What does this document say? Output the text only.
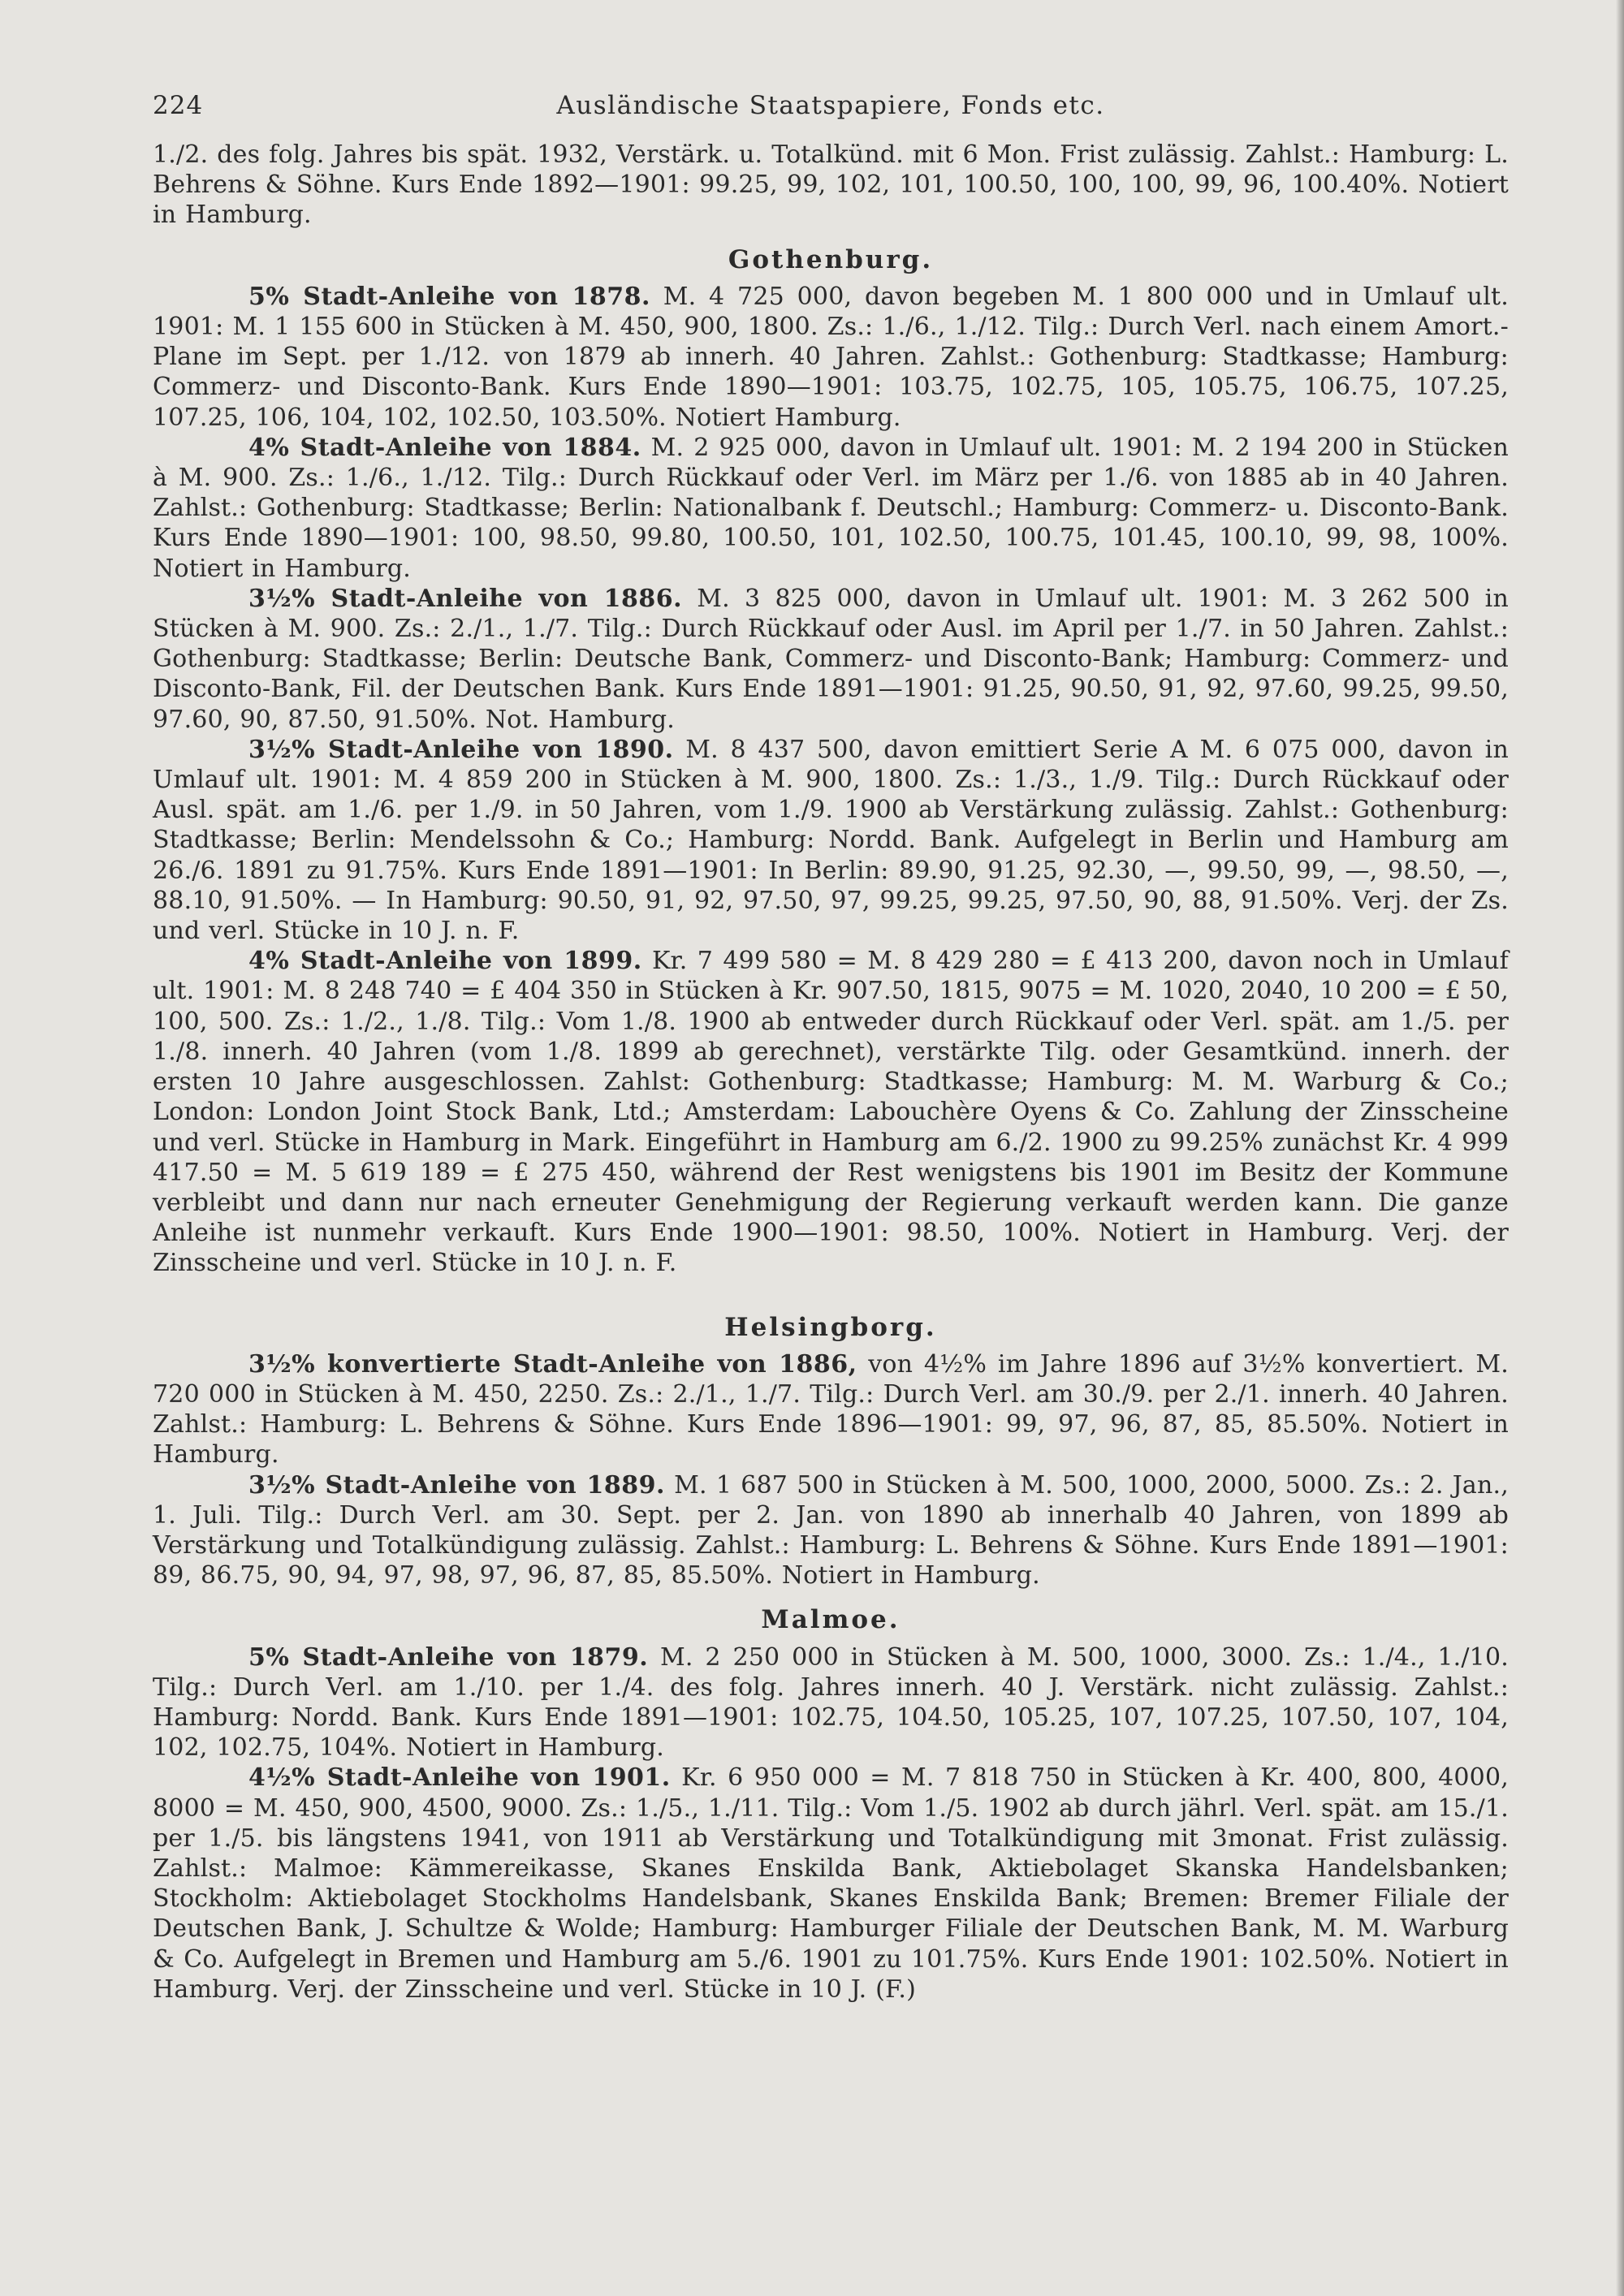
224	Ausländische Staatspapiere, Fonds etc.

1./2. des folg. Jahres bis spät. 1932, Verstärk. u. Totalkünd. mit 6 Mon. Frist zulässig. Zahlst.: Hamburg: L. Behrens & Söhne. Kurs Ende 1892—1901: 99.25, 99, 102, 101, 100.50, 100, 100, 99, 96, 100.40%. Notiert in Hamburg.

Gothenburg.

5% Stadt-Anleihe von 1878. M. 4 725 000, davon begeben M. 1 800 000 und in Umlauf ult. 1901: M. 1 155 600 in Stücken à M. 450, 900, 1800. Zs.: 1./6., 1./12. Tilg.: Durch Verl. nach einem Amort.-Plane im Sept. per 1./12. von 1879 ab innerh. 40 Jahren. Zahlst.: Gothenburg: Stadtkasse; Hamburg: Commerz- und Disconto-Bank. Kurs Ende 1890—1901: 103.75, 102.75, 105, 105.75, 106.75, 107.25, 107.25, 106, 104, 102, 102.50, 103.50%. Notiert Hamburg.

4% Stadt-Anleihe von 1884. M. 2 925 000, davon in Umlauf ult. 1901: M. 2 194 200 in Stücken à M. 900. Zs.: 1./6., 1./12. Tilg.: Durch Rückkauf oder Verl. im März per 1./6. von 1885 ab in 40 Jahren. Zahlst.: Gothenburg: Stadtkasse; Berlin: Nationalbank f. Deutschl.; Hamburg: Commerz- u. Disconto-Bank. Kurs Ende 1890—1901: 100, 98.50, 99.80, 100.50, 101, 102.50, 100.75, 101.45, 100.10, 99, 98, 100%. Notiert in Hamburg.

3½% Stadt-Anleihe von 1886. M. 3 825 000, davon in Umlauf ult. 1901: M. 3 262 500 in Stücken à M. 900. Zs.: 2./1., 1./7. Tilg.: Durch Rückkauf oder Ausl. im April per 1./7. in 50 Jahren. Zahlst.: Gothenburg: Stadtkasse; Berlin: Deutsche Bank, Commerz- und Disconto-Bank; Hamburg: Commerz- und Disconto-Bank, Fil. der Deutschen Bank. Kurs Ende 1891—1901: 91.25, 90.50, 91, 92, 97.60, 99.25, 99.50, 97.60, 90, 87.50, 91.50%. Not. Hamburg.

3½% Stadt-Anleihe von 1890. M. 8 437 500, davon emittiert Serie A M. 6 075 000, davon in Umlauf ult. 1901: M. 4 859 200 in Stücken à M. 900, 1800. Zs.: 1./3., 1./9. Tilg.: Durch Rückkauf oder Ausl. spät. am 1./6. per 1./9. in 50 Jahren, vom 1./9. 1900 ab Verstärkung zulässig. Zahlst.: Gothenburg: Stadtkasse; Berlin: Mendelssohn & Co.; Hamburg: Nordd. Bank. Aufgelegt in Berlin und Hamburg am 26./6. 1891 zu 91.75%. Kurs Ende 1891—1901: In Berlin: 89.90, 91.25, 92.30, —, 99.50, 99, —, 98.50, —, 88.10, 91.50%. — In Hamburg: 90.50, 91, 92, 97.50, 97, 99.25, 99.25, 97.50, 90, 88, 91.50%. Verj. der Zs. und verl. Stücke in 10 J. n. F.

4% Stadt-Anleihe von 1899. Kr. 7 499 580 = M. 8 429 280 = £ 413 200, davon noch in Umlauf ult. 1901: M. 8 248 740 = £ 404 350 in Stücken à Kr. 907.50, 1815, 9075 = M. 1020, 2040, 10 200 = £ 50, 100, 500. Zs.: 1./2., 1./8. Tilg.: Vom 1./8. 1900 ab entweder durch Rückkauf oder Verl. spät. am 1./5. per 1./8. innerh. 40 Jahren (vom 1./8. 1899 ab gerechnet), verstärkte Tilg. oder Gesamtkünd. innerh. der ersten 10 Jahre ausgeschlossen. Zahlst: Gothenburg: Stadtkasse; Hamburg: M. M. Warburg & Co.; London: London Joint Stock Bank, Ltd.; Amsterdam: Labouchère Oyens & Co. Zahlung der Zinsscheine und verl. Stücke in Hamburg in Mark. Eingeführt in Hamburg am 6./2. 1900 zu 99.25% zunächst Kr. 4 999 417.50 = M. 5 619 189 = £ 275 450, während der Rest wenigstens bis 1901 im Besitz der Kommune verbleibt und dann nur nach erneuter Genehmigung der Regierung verkauft werden kann. Die ganze Anleihe ist nunmehr verkauft. Kurs Ende 1900—1901: 98.50, 100%. Notiert in Hamburg. Verj. der Zinsscheine und verl. Stücke in 10 J. n. F.

Helsingborg.

3½% konvertierte Stadt-Anleihe von 1886, von 4½% im Jahre 1896 auf 3½% konvertiert. M. 720 000 in Stücken à M. 450, 2250. Zs.: 2./1., 1./7. Tilg.: Durch Verl. am 30./9. per 2./1. innerh. 40 Jahren. Zahlst.: Hamburg: L. Behrens & Söhne. Kurs Ende 1896—1901: 99, 97, 96, 87, 85, 85.50%. Notiert in Hamburg.

3½% Stadt-Anleihe von 1889. M. 1 687 500 in Stücken à M. 500, 1000, 2000, 5000. Zs.: 2. Jan., 1. Juli. Tilg.: Durch Verl. am 30. Sept. per 2. Jan. von 1890 ab innerhalb 40 Jahren, von 1899 ab Verstärkung und Totalkündigung zulässig. Zahlst.: Hamburg: L. Behrens & Söhne. Kurs Ende 1891—1901: 89, 86.75, 90, 94, 97, 98, 97, 96, 87, 85, 85.50%. Notiert in Hamburg.

Malmoe.

5% Stadt-Anleihe von 1879. M. 2 250 000 in Stücken à M. 500, 1000, 3000. Zs.: 1./4., 1./10. Tilg.: Durch Verl. am 1./10. per 1./4. des folg. Jahres innerh. 40 J. Verstärk. nicht zulässig. Zahlst.: Hamburg: Nordd. Bank. Kurs Ende 1891—1901: 102.75, 104.50, 105.25, 107, 107.25, 107.50, 107, 104, 102, 102.75, 104%. Notiert in Hamburg.

4½% Stadt-Anleihe von 1901. Kr. 6 950 000 = M. 7 818 750 in Stücken à Kr. 400, 800, 4000, 8000 = M. 450, 900, 4500, 9000. Zs.: 1./5., 1./11. Tilg.: Vom 1./5. 1902 ab durch jährl. Verl. spät. am 15./1. per 1./5. bis längstens 1941, von 1911 ab Verstärkung und Totalkündigung mit 3monat. Frist zulässig. Zahlst.: Malmoe: Kämmereikasse, Skanes Enskilda Bank, Aktiebolaget Skanska Handelsbanken; Stockholm: Aktiebolaget Stockholms Handelsbank, Skanes Enskilda Bank; Bremen: Bremer Filiale der Deutschen Bank, J. Schultze & Wolde; Hamburg: Hamburger Filiale der Deutschen Bank, M. M. Warburg & Co. Aufgelegt in Bremen und Hamburg am 5./6. 1901 zu 101.75%. Kurs Ende 1901: 102.50%. Notiert in Hamburg. Verj. der Zinsscheine und verl. Stücke in 10 J. (F.)
